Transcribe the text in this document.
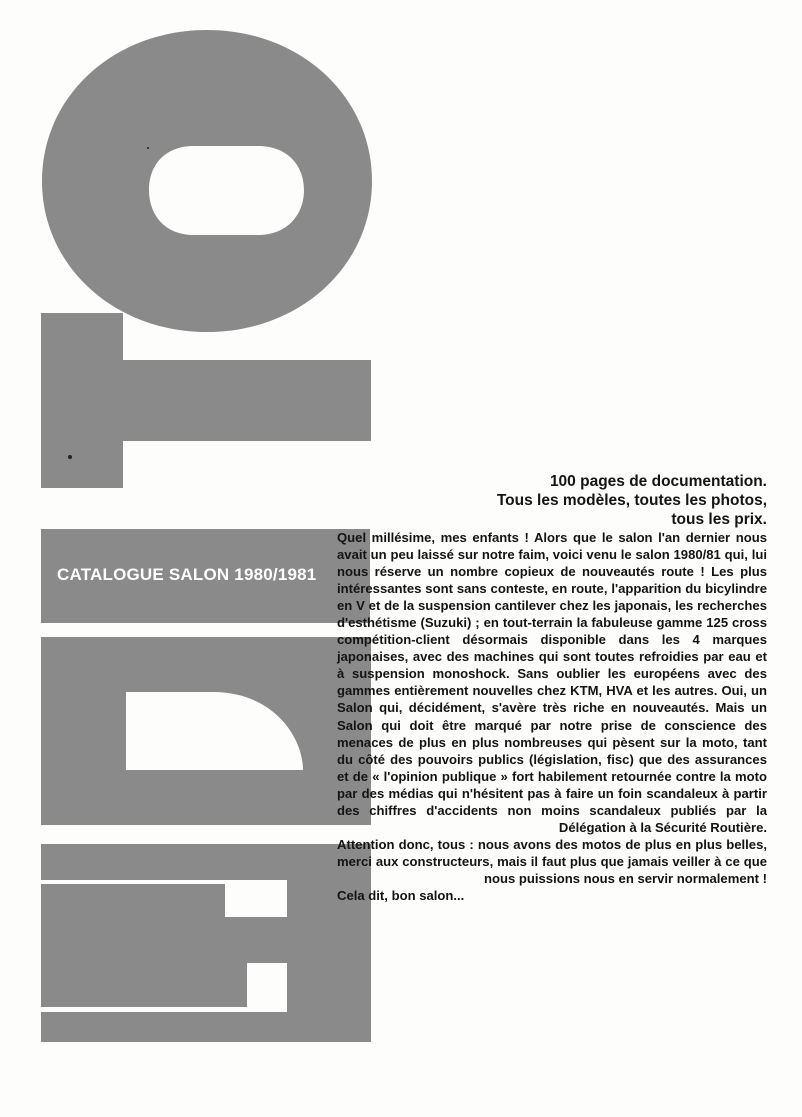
CATALOGUE SALON 1980/1981
100 pages de documentation.
Tous les modèles, toutes les photos,
tous les prix.

Quel millésime, mes enfants ! Alors que le salon l'an dernier nous avait un peu laissé sur notre faim, voici venu le salon 1980/81 qui, lui nous réserve un nombre copieux de nouveautés route ! Les plus intéressantes sont sans conteste, en route, l'apparition du bicylindre en V et de la suspension cantilever chez les japonais, les recherches d'esthétisme (Suzuki) ; en tout-terrain la fabuleuse gamme 125 cross compétition-client désormais disponible dans les 4 marques japonaises, avec des machines qui sont toutes refroidies par eau et à suspension monoshock. Sans oublier les européens avec des gammes entièrement nouvelles chez KTM, HVA et les autres. Oui, un Salon qui, décidément, s'avère très riche en nouveautés. Mais un Salon qui doit être marqué par notre prise de conscience des menaces de plus en plus nombreuses qui pèsent sur la moto, tant du côté des pouvoirs publics (législation, fisc) que des assurances et de « l'opinion publique » fort habilement retournée contre la moto par des médias qui n'hésitent pas à faire un foin scandaleux à partir des chiffres d'accidents non moins scandaleux publiés par la Délégation à la Sécurité Routière.

Attention donc, tous : nous avons des motos de plus en plus belles, merci aux constructeurs, mais il faut plus que jamais veiller à ce que nous puissions nous en servir normalement !

Cela dit, bon salon...
